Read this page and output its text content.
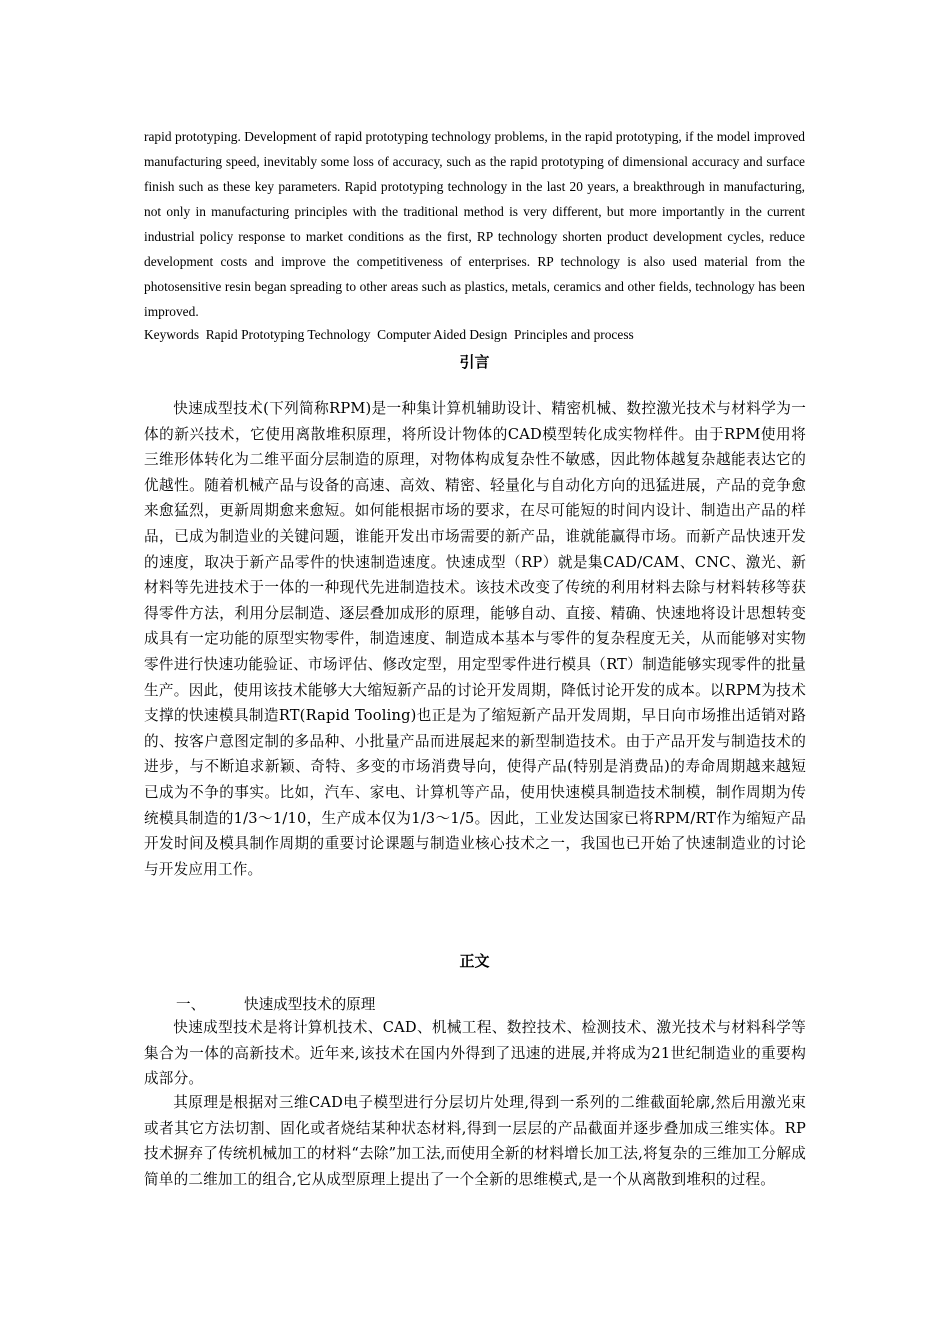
rapid prototyping. Development of rapid prototyping technology problems, in the rapid prototyping, if the model improved manufacturing speed, inevitably some loss of accuracy, such as the rapid prototyping of dimensional accuracy and surface finish such as these key parameters. Rapid prototyping technology in the last 20 years, a breakthrough in manufacturing, not only in manufacturing principles with the traditional method is very different, but more importantly in the current industrial policy response to market conditions as the first, RP technology shorten product development cycles, reduce development costs and improve the competitiveness of enterprises. RP technology is also used material from the photosensitive resin began spreading to other areas such as plastics, metals, ceramics and other fields, technology has been improved.

Keywords  Rapid Prototyping Technology  Computer Aided Design  Principles and process

引言

快速成型技术(下列简称RPM)是一种集计算机辅助设计、精密机械、数控激光技术与材料学为一体的新兴技术，它使用离散堆积原理，将所设计物体的CAD模型转化成实物样件。由于RPM使用将三维形体转化为二维平面分层制造的原理，对物体构成复杂性不敏感，因此物体越复杂越能表达它的优越性。随着机械产品与设备的高速、高效、精密、轻量化与自动化方向的迅猛进展，产品的竞争愈来愈猛烈，更新周期愈来愈短。如何能根据市场的要求，在尽可能短的时间内设计、制造出产品的样品，已成为制造业的关键问题，谁能开发出市场需要的新产品，谁就能赢得市场。而新产品快速开发的速度，取决于新产品零件的快速制造速度。快速成型（RP）就是集CAD/CAM、CNC、激光、新材料等先进技术于一体的一种现代先进制造技术。该技术改变了传统的利用材料去除与材料转移等获得零件方法，利用分层制造、逐层叠加成形的原理，能够自动、直接、精确、快速地将设计思想转变成具有一定功能的原型实物零件，制造速度、制造成本基本与零件的复杂程度无关，从而能够对实物零件进行快速功能验证、市场评估、修改定型，用定型零件进行模具（RT）制造能够实现零件的批量生产。因此，使用该技术能够大大缩短新产品的讨论开发周期，降低讨论开发的成本。以RPM为技术支撑的快速模具制造RT(Rapid Tooling)也正是为了缩短新产品开发周期，早日向市场推出适销对路的、按客户意图定制的多品种、小批量产品而进展起来的新型制造技术。由于产品开发与制造技术的进步，与不断追求新颖、奇特、多变的市场消费导向，使得产品(特别是消费品)的寿命周期越来越短已成为不争的事实。比如，汽车、家电、计算机等产品，使用快速模具制造技术制模，制作周期为传统模具制造的1/3～1/10，生产成本仅为1/3～1/5。因此，工业发达国家已将RPM/RT作为缩短产品开发时间及模具制作周期的重要讨论课题与制造业核心技术之一，我国也已开始了快速制造业的讨论与开发应用工作。

正文
一、	快速成型技术的原理

快速成型技术是将计算机技术、CAD、机械工程、数控技术、检测技术、激光技术与材料科学等集合为一体的高新技术。近年来,该技术在国内外得到了迅速的进展,并将成为21世纪制造业的重要构成部分。

其原理是根据对三维CAD电子模型进行分层切片处理,得到一系列的二维截面轮廓,然后用激光束或者其它方法切割、固化或者烧结某种状态材料,得到一层层的产品截面并逐步叠加成三维实体。RP技术摒弃了传统机械加工的材料“去除”加工法,而使用全新的材料增长加工法,将复杂的三维加工分解成简单的二维加工的组合,它从成型原理上提出了一个全新的思维模式,是一个从离散到堆积的过程。
